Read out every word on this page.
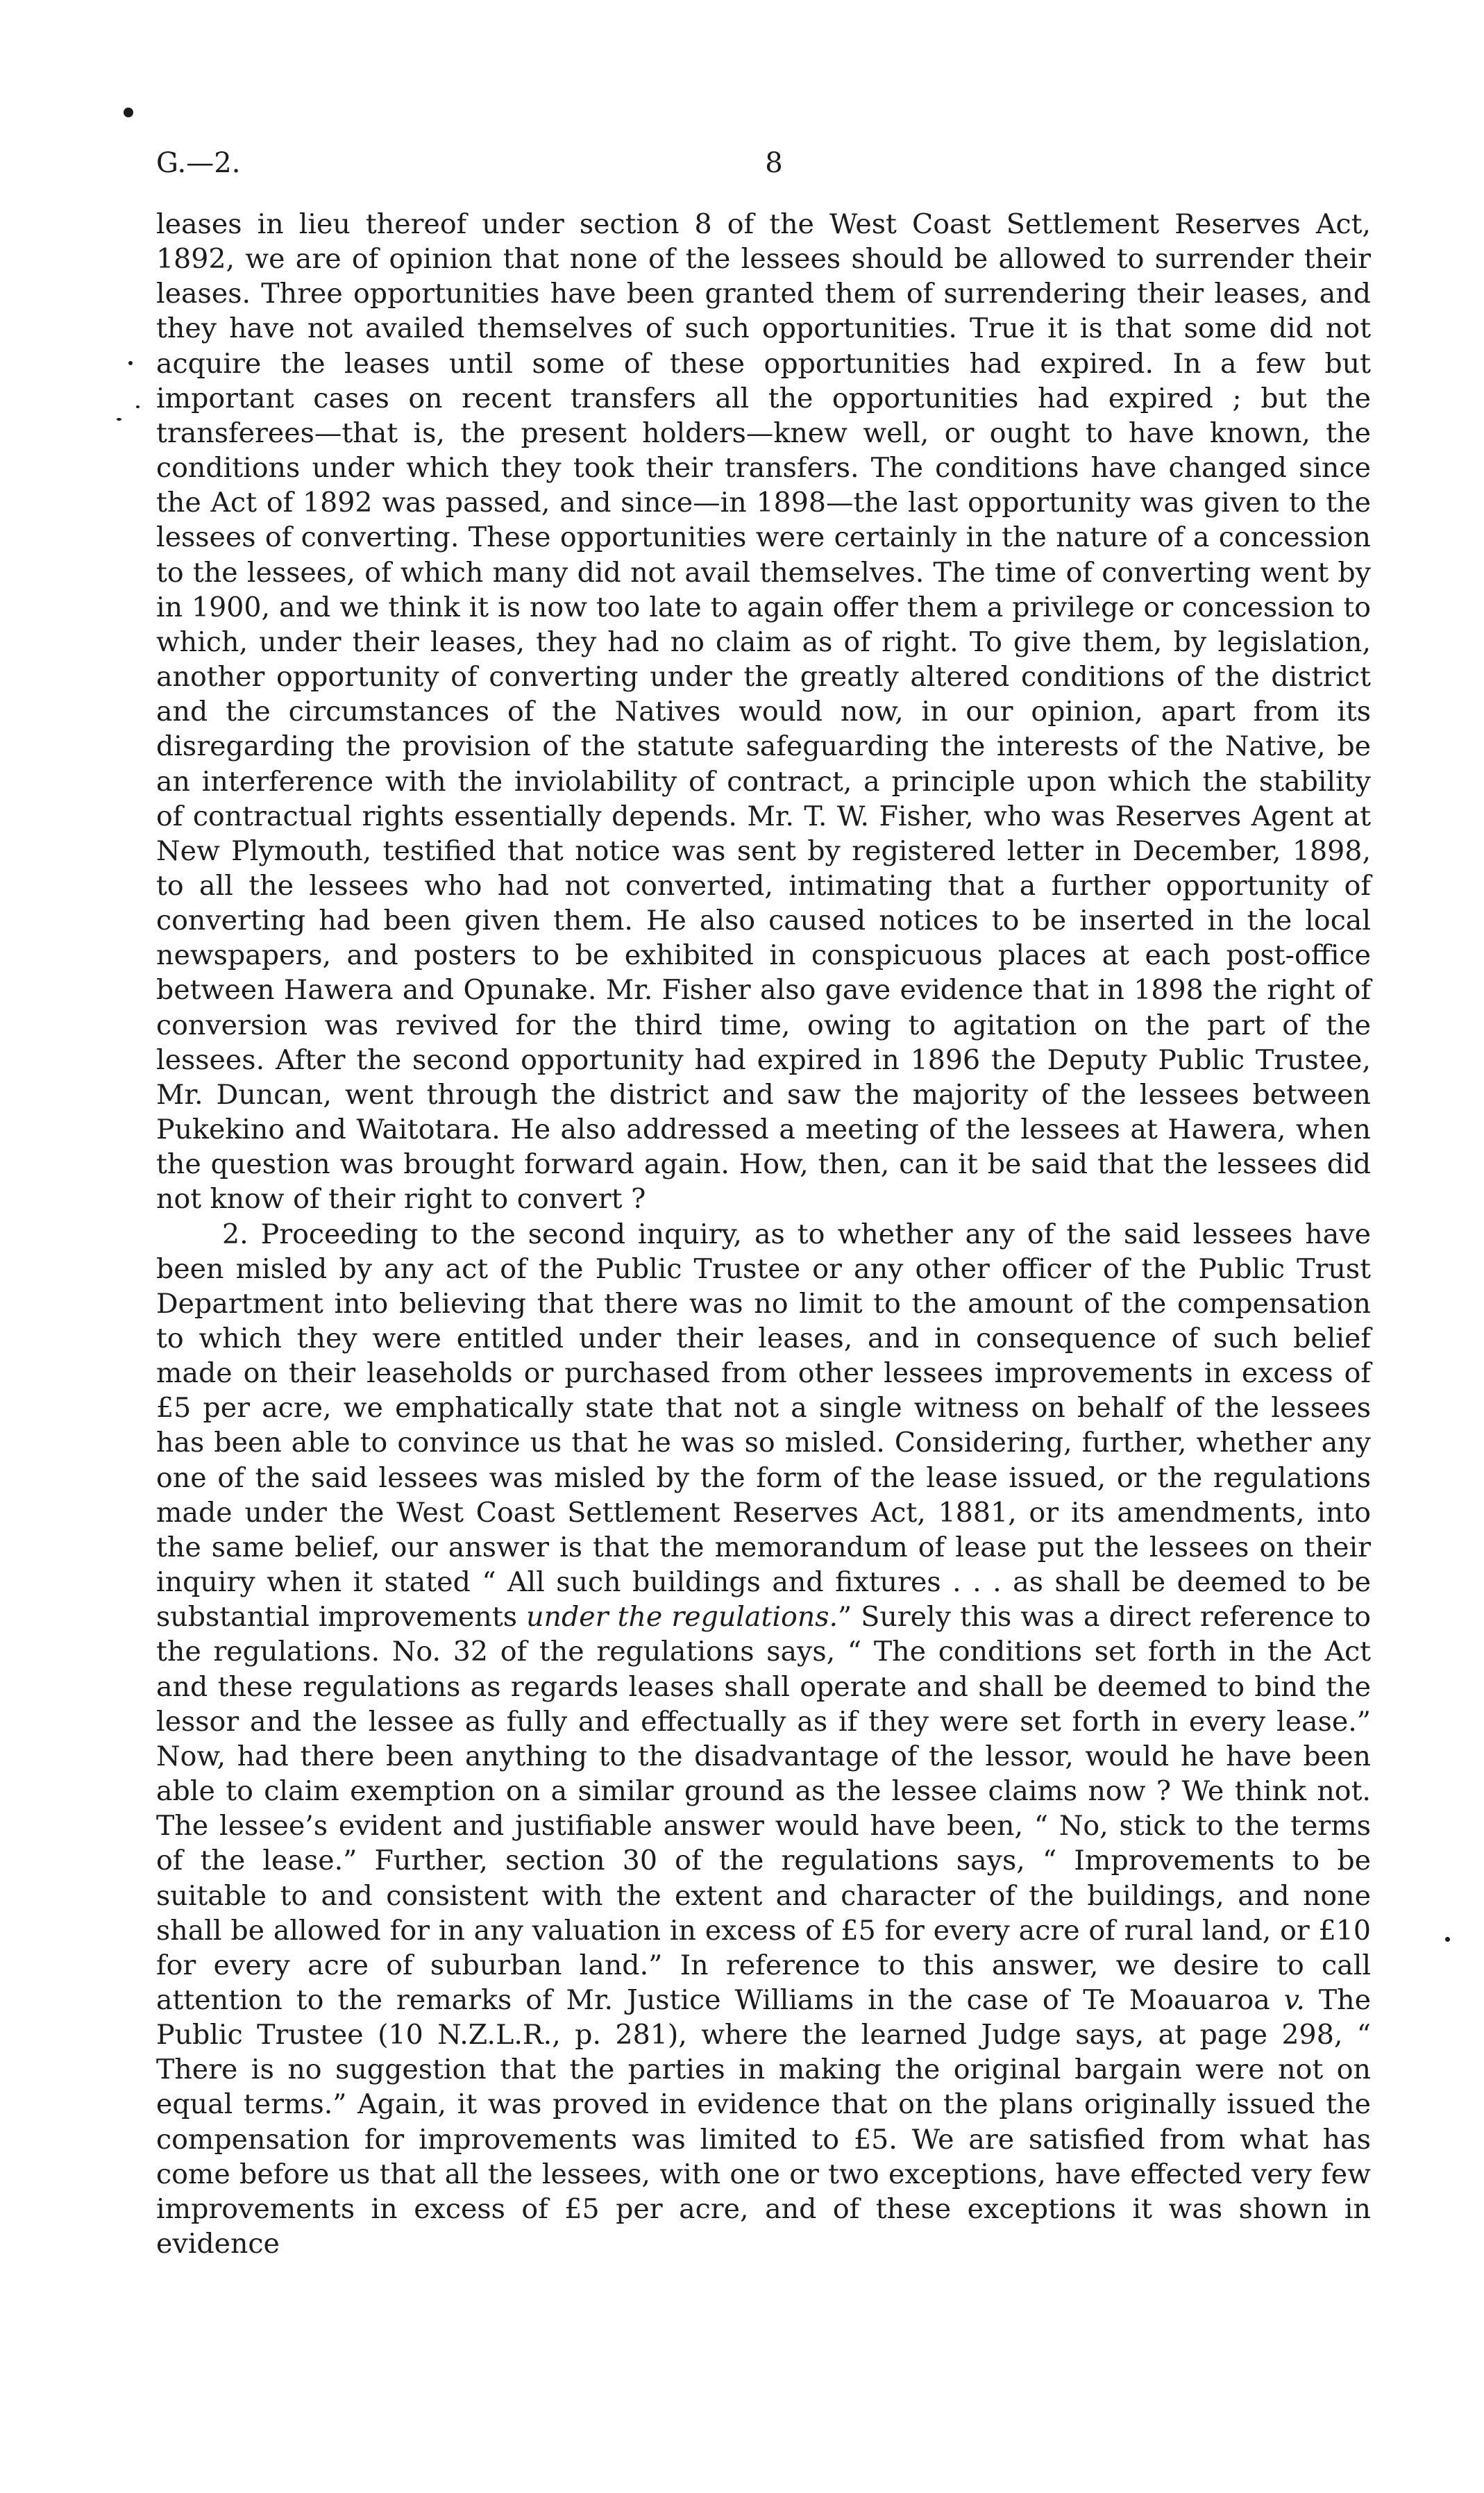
G.—2.	8

leases in lieu thereof under section 8 of the West Coast Settlement Reserves Act, 1892, we are of opinion that none of the lessees should be allowed to surrender their leases. Three opportunities have been granted them of surrendering their leases, and they have not availed themselves of such opportunities. True it is that some did not acquire the leases until some of these opportunities had expired. In a few but important cases on recent transfers all the opportunities had expired ; but the transferees—that is, the present holders—knew well, or ought to have known, the conditions under which they took their transfers. The conditions have changed since the Act of 1892 was passed, and since—in 1898—the last opportunity was given to the lessees of converting. These opportunities were certainly in the nature of a concession to the lessees, of which many did not avail themselves. The time of converting went by in 1900, and we think it is now too late to again offer them a privilege or concession to which, under their leases, they had no claim as of right. To give them, by legislation, another opportunity of converting under the greatly altered conditions of the district and the circumstances of the Natives would now, in our opinion, apart from its disregarding the provision of the statute safeguarding the interests of the Native, be an interference with the inviolability of contract, a principle upon which the stability of contractual rights essentially depends. Mr. T. W. Fisher, who was Reserves Agent at New Plymouth, testified that notice was sent by registered letter in December, 1898, to all the lessees who had not converted, intimating that a further opportunity of converting had been given them. He also caused notices to be inserted in the local newspapers, and posters to be exhibited in conspicuous places at each post-office between Hawera and Opunake. Mr. Fisher also gave evidence that in 1898 the right of conversion was revived for the third time, owing to agitation on the part of the lessees. After the second opportunity had expired in 1896 the Deputy Public Trustee, Mr. Duncan, went through the district and saw the majority of the lessees between Pukekino and Waitotara. He also addressed a meeting of the lessees at Hawera, when the question was brought forward again. How, then, can it be said that the lessees did not know of their right to convert ?

2. Proceeding to the second inquiry, as to whether any of the said lessees have been misled by any act of the Public Trustee or any other officer of the Public Trust Department into believing that there was no limit to the amount of the compensation to which they were entitled under their leases, and in consequence of such belief made on their leaseholds or purchased from other lessees improvements in excess of £5 per acre, we emphatically state that not a single witness on behalf of the lessees has been able to convince us that he was so misled. Considering, further, whether any one of the said lessees was misled by the form of the lease issued, or the regulations made under the West Coast Settlement Reserves Act, 1881, or its amendments, into the same belief, our answer is that the memorandum of lease put the lessees on their inquiry when it stated “ All such buildings and fixtures . . . as shall be deemed to be substantial improvements under the regulations.” Surely this was a direct reference to the regulations. No. 32 of the regulations says, “ The conditions set forth in the Act and these regulations as regards leases shall operate and shall be deemed to bind the lessor and the lessee as fully and effectually as if they were set forth in every lease.” Now, had there been anything to the disadvantage of the lessor, would he have been able to claim exemption on a similar ground as the lessee claims now ? We think not. The lessee’s evident and justifiable answer would have been, “ No, stick to the terms of the lease.” Further, section 30 of the regulations says, “ Improvements to be suitable to and consistent with the extent and character of the buildings, and none shall be allowed for in any valuation in excess of £5 for every acre of rural land, or £10 for every acre of suburban land.” In reference to this answer, we desire to call attention to the remarks of Mr. Justice Williams in the case of Te Moauaroa v. The Public Trustee (10 N.Z.L.R., p. 281), where the learned Judge says, at page 298, “ There is no suggestion that the parties in making the original bargain were not on equal terms.” Again, it was proved in evidence that on the plans originally issued the compensation for improvements was limited to £5. We are satisfied from what has come before us that all the lessees, with one or two exceptions, have effected very few improvements in excess of £5 per acre, and of these exceptions it was shown in evidence
